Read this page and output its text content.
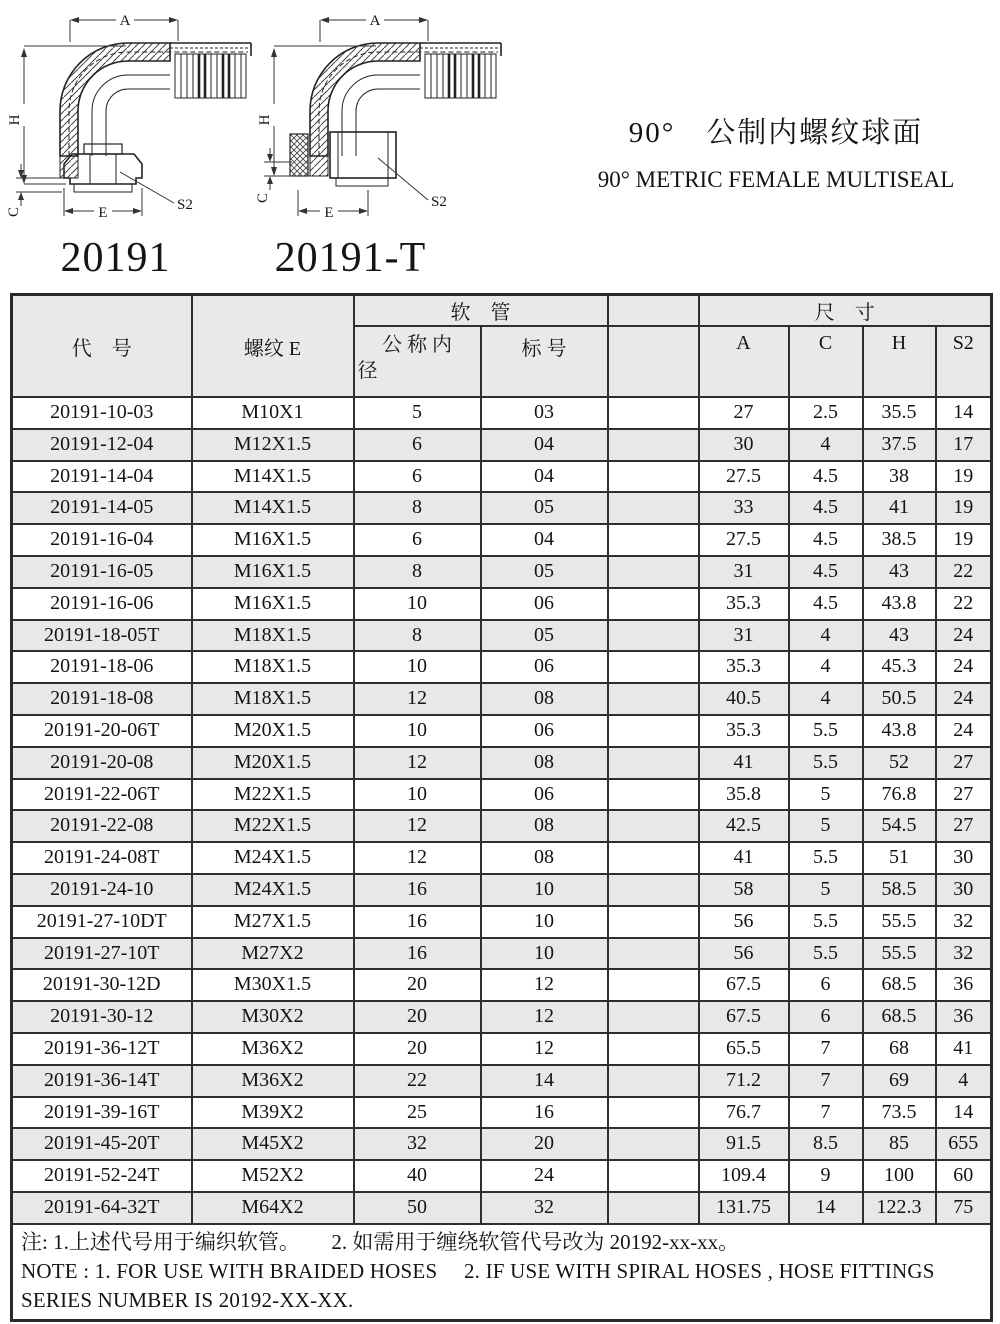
A
H
C	E	S2
A
H
C
E
S2
20191	20191-T
90°　公制内螺纹球面
90° METRIC FEMALE MULTISEAL
代　号	螺纹 E	软　管			尺　寸			

		公 称 内
径	标 号		A	C	H	S2
20191-10-03	M10X1	5	03		27	2.5	35.5	14
20191-12-04	M12X1.5	6	04		30	4	37.5	17
20191-14-04	M14X1.5	6	04		27.5	4.5	38	19
20191-14-05	M14X1.5	8	05		33	4.5	41	19
20191-16-04	M16X1.5	6	04		27.5	4.5	38.5	19
20191-16-05	M16X1.5	8	05		31	4.5	43	22
20191-16-06	M16X1.5	10	06		35.3	4.5	43.8	22
20191-18-05T	M18X1.5	8	05		31	4	43	24
20191-18-06	M18X1.5	10	06		35.3	4	45.3	24
20191-18-08	M18X1.5	12	08		40.5	4	50.5	24
20191-20-06T	M20X1.5	10	06		35.3	5.5	43.8	24
20191-20-08	M20X1.5	12	08		41	5.5	52	27
20191-22-06T	M22X1.5	10	06		35.8	5	76.8	27
20191-22-08	M22X1.5	12	08		42.5	5	54.5	27
20191-24-08T	M24X1.5	12	08		41	5.5	51	30
20191-24-10	M24X1.5	16	10		58	5	58.5	30
20191-27-10DT	M27X1.5	16	10		56	5.5	55.5	32
20191-27-10T	M27X2	16	10		56	5.5	55.5	32
20191-30-12D	M30X1.5	20	12		67.5	6	68.5	36
20191-30-12	M30X2	20	12		67.5	6	68.5	36
20191-36-12T	M36X2	20	12		65.5	7	68	41
20191-36-14T	M36X2	22	14		71.2	7	69	4
20191-39-16T	M39X2	25	16		76.7	7	73.5	14
20191-45-20T	M45X2	32	20		91.5	8.5	85	655
20191-52-24T	M52X2	40	24		109.4	9	100	60
20191-64-32T	M64X2	50	32		131.75	14	122.3	75

注: 1.上述代号用于编织软管。　　2. 如需用于缠绕软管代号改为 20192-xx-xx。
NOTE : 1. FOR USE WITH BRAIDED HOSES　 2. IF USE WITH SPIRAL HOSES , HOSE FITTINGS SERIES NUMBER IS 20192-XX-XX.								
